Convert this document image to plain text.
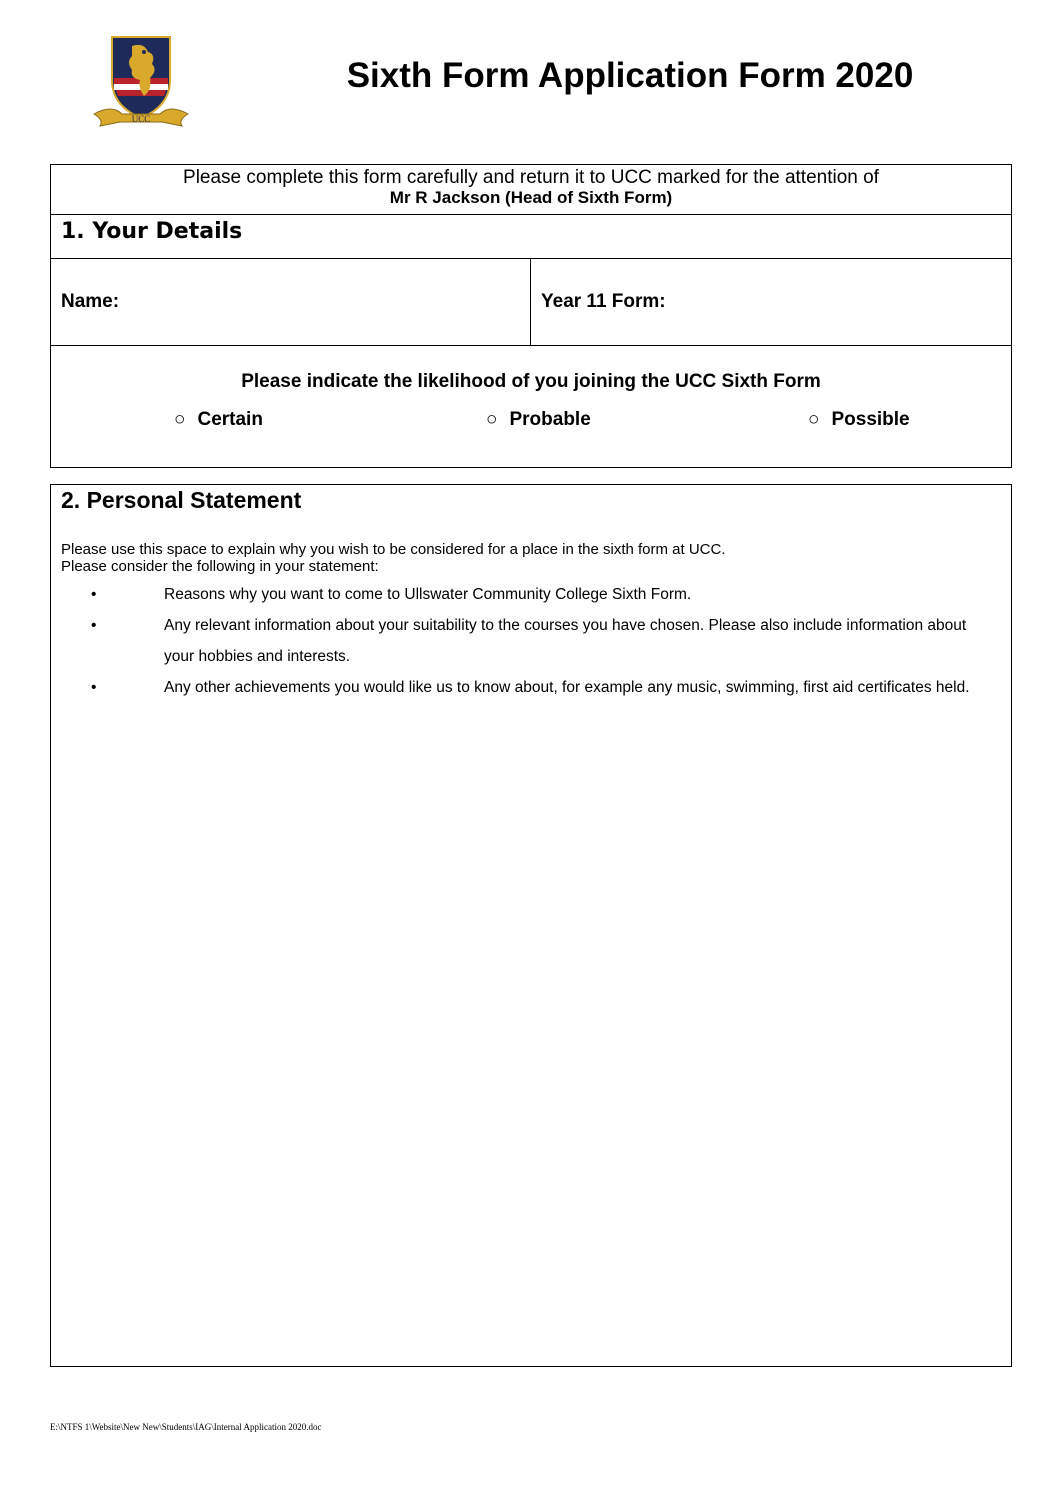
UCC
Sixth Form Application Form 2020
Please complete this form carefully and return it to UCC marked for the attention of
Mr R Jackson (Head of Sixth Form)
1. Your Details
Name:	Year 11 Form:
Please indicate the likelihood of you joining the UCC Sixth Form
○ Certain	○ Probable	○ Possible
2. Personal Statement
Please use this space to explain why you wish to be considered for a place in the sixth form at UCC.
Please consider the following in your statement:
•	Reasons why you want to come to Ullswater Community College Sixth Form.
•	Any relevant information about your suitability to the courses you have chosen. Please also include information about your hobbies and interests.
•	Any other achievements you would like us to know about, for example any music, swimming, first aid certificates held.
E:\NTFS 1\Website\New New\Students\IAG\Internal Application 2020.doc
